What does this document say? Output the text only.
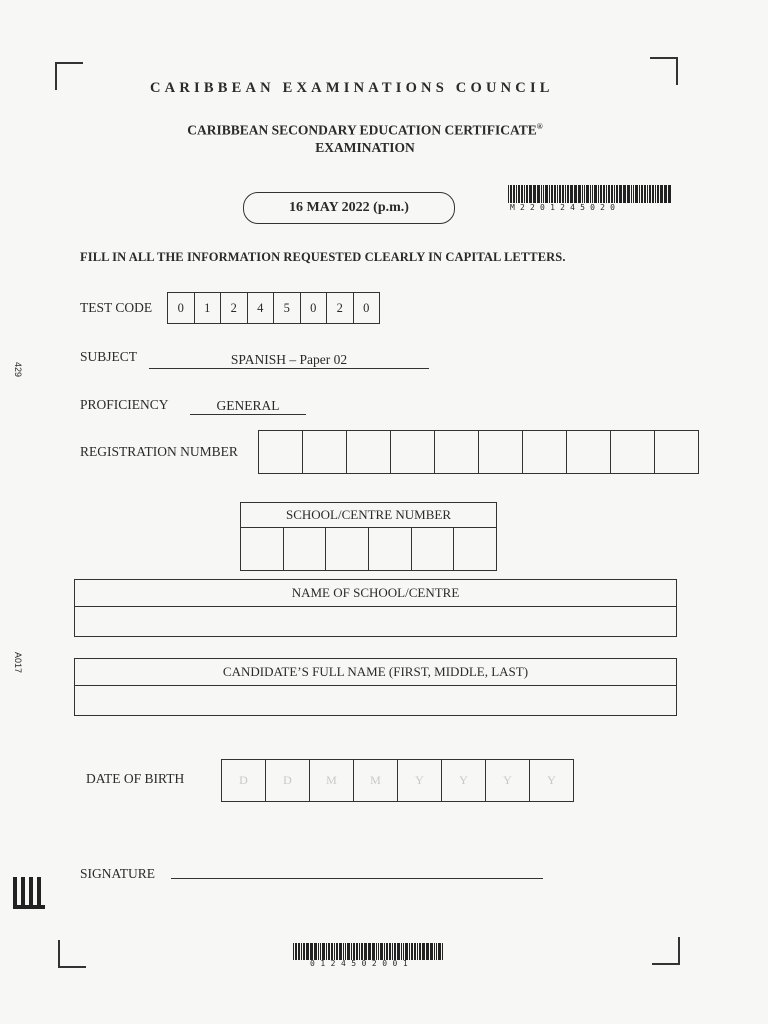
429
A017
CARIBBEAN EXAMINATIONS COUNCIL
CARIBBEAN SECONDARY EDUCATION CERTIFICATE®
EXAMINATION
16 MAY 2022 (p.m.)	M2201245020
FILL IN ALL THE INFORMATION REQUESTED CLEARLY IN CAPITAL LETTERS.
TEST CODE	0	1	2	4	5	0	2	0
SUBJECT	SPANISH – Paper 02
PROFICIENCY	GENERAL
REGISTRATION NUMBER
SCHOOL/CENTRE NUMBER
NAME OF SCHOOL/CENTRE
CANDIDATE’S FULL NAME (FIRST, MIDDLE, LAST)
DATE OF BIRTH	D	D	M	M	Y	Y	Y	Y
SIGNATURE
0124502001
